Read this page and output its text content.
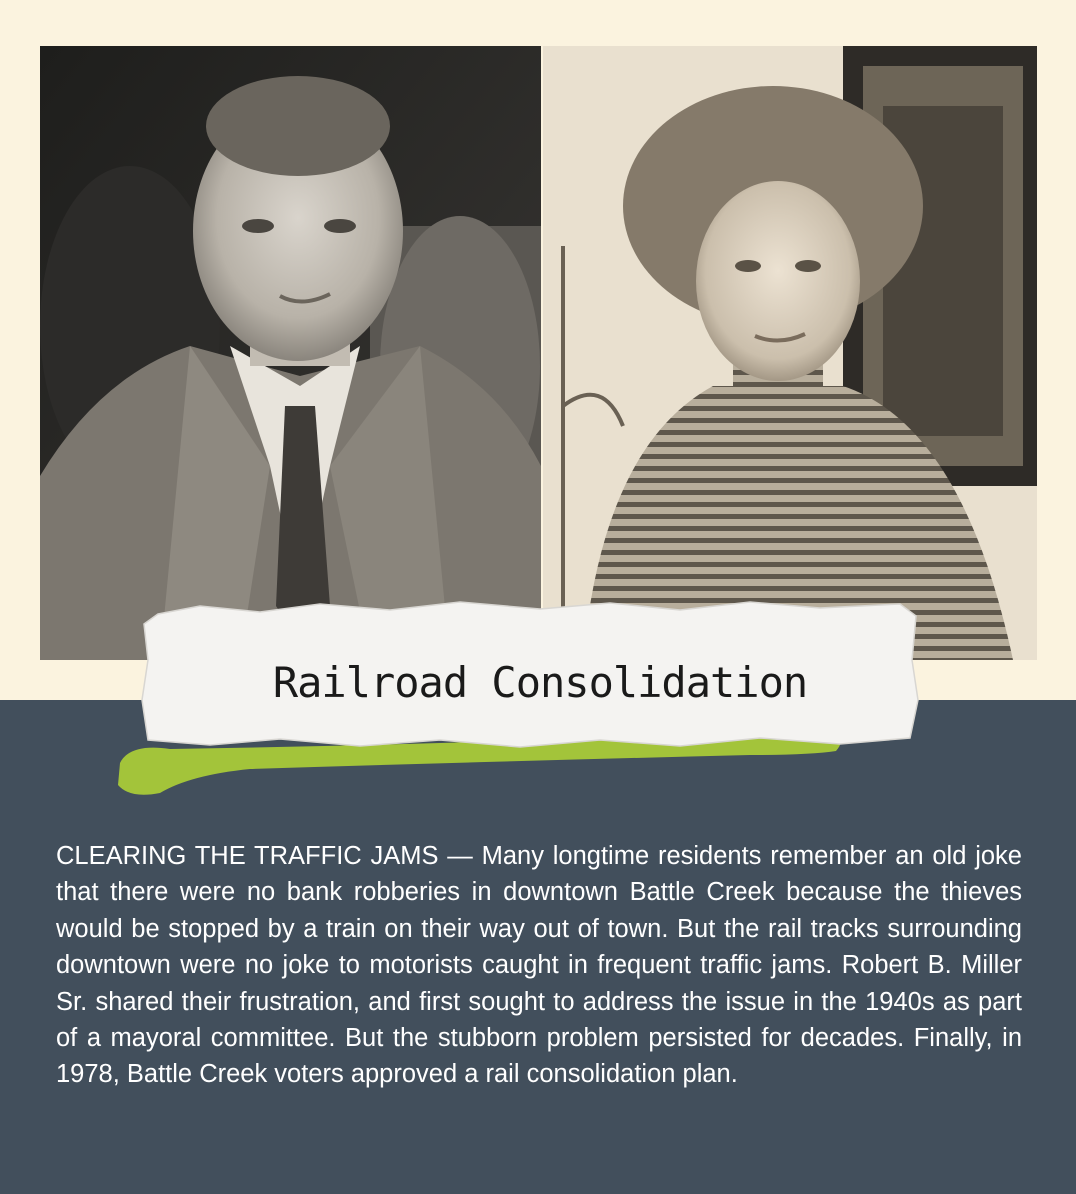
Railroad Consolidation

CLEARING THE TRAFFIC JAMS — Many longtime residents remember an old joke that there were no bank robberies in downtown Battle Creek because the thieves would be stopped by a train on their way out of town. But the rail tracks surrounding downtown were no joke to motorists caught in frequent traffic jams. Robert B. Miller Sr. shared their frustration, and first sought to address the issue in the 1940s as part of a mayoral committee. But the stubborn problem persisted for decades. Finally, in 1978, Battle Creek voters approved a rail consolidation plan.
